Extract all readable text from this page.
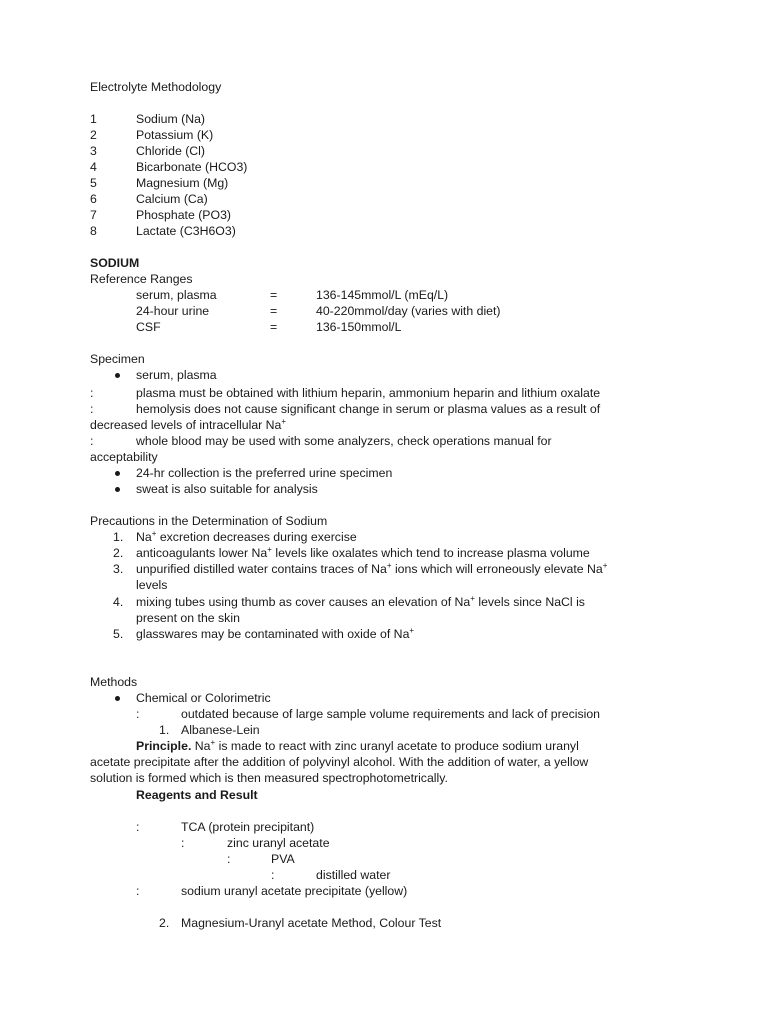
Electrolyte Methodology
1	Sodium (Na)
2	Potassium (K)
3	Chloride (Cl)
4	Bicarbonate (HCO3)
5	Magnesium (Mg)
6	Calcium (Ca)
7	Phosphate (PO3)
8	Lactate (C3H6O3)
SODIUM
Reference Ranges
serum, plasma	=	136-145mmol/L (mEq/L)
24-hour urine	=	40-220mmol/day (varies with diet)
CSF	=	136-150mmol/L
Specimen
serum, plasma
:	plasma must be obtained with lithium heparin, ammonium heparin and lithium oxalate
:	hemolysis does not cause significant change in serum or plasma values as a result of
decreased levels of intracellular Na+
:	whole blood may be used with some analyzers, check operations manual for
acceptability
24-hr collection is the preferred urine specimen
sweat is also suitable for analysis
Precautions in the Determination of Sodium
1. Na+ excretion decreases during exercise
2. anticoagulants lower Na+ levels like oxalates which tend to increase plasma volume
3. unpurified distilled water contains traces of Na+ ions which will erroneously elevate Na+
levels
4. mixing tubes using thumb as cover causes an elevation of Na+ levels since NaCl is
present on the skin
5. glasswares may be contaminated with oxide of Na+
Methods
Chemical or Colorimetric
:	outdated because of large sample volume requirements and lack of precision
1. Albanese-Lein
Principle. Na+ is made to react with zinc uranyl acetate to produce sodium uranyl
acetate precipitate after the addition of polyvinyl alcohol. With the addition of water, a yellow
solution is formed which is then measured spectrophotometrically.
Reagents and Result
:	TCA (protein precipitant)
:	zinc uranyl acetate
:	PVA
:	distilled water
:	sodium uranyl acetate precipitate (yellow)
2. Magnesium-Uranyl acetate Method, Colour Test
